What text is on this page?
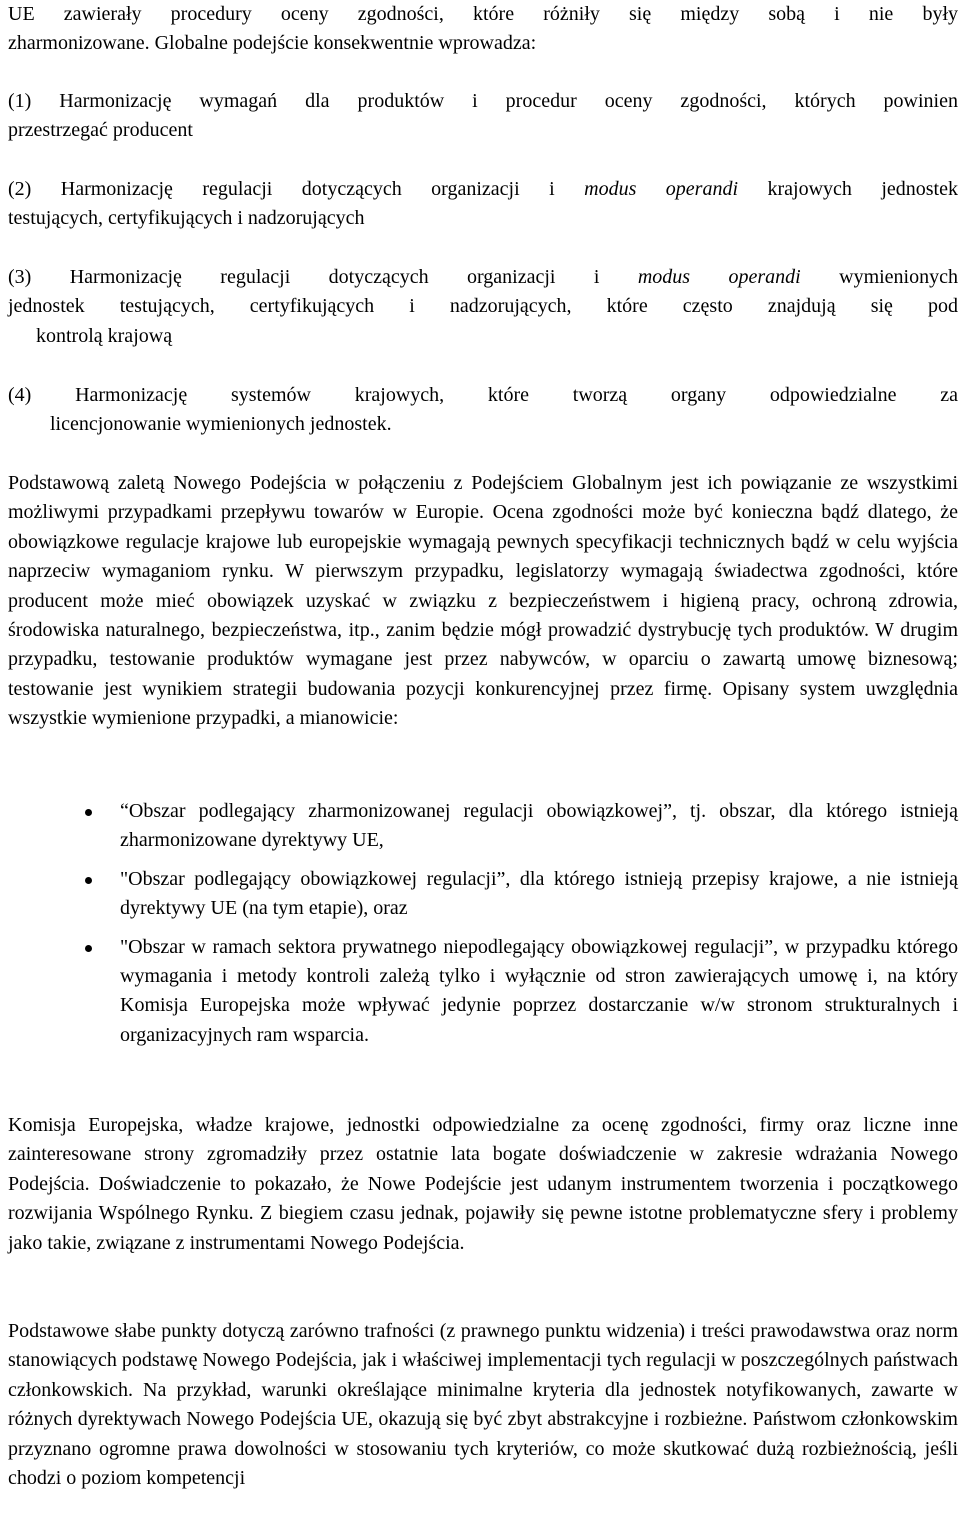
UE zawierały procedury oceny zgodności, które różniły się między sobą i nie były

zharmonizowane. Globalne podejście konsekwentnie wprowadza:

(1) Harmonizację wymagań dla produktów i procedur oceny zgodności, których powinien

przestrzegać producent

(2) Harmonizację regulacji dotyczących organizacji i modus operandi krajowych jednostek

testujących, certyfikujących i nadzorujących

(3) Harmonizację regulacji dotyczących organizacji i modus operandi wymienionych

jednostek testujących, certyfikujących i nadzorujących, które często znajdują się pod

kontrolą krajową

(4) Harmonizację systemów krajowych, które tworzą organy odpowiedzialne za

licencjonowanie wymienionych jednostek.

Podstawową zaletą Nowego Podejścia w połączeniu z Podejściem Globalnym jest ich powiązanie ze wszystkimi możliwymi przypadkami przepływu towarów w Europie. Ocena zgodności może być konieczna bądź dlatego, że obowiązkowe regulacje krajowe lub europejskie wymagają pewnych specyfikacji technicznych bądź w celu wyjścia naprzeciw wymaganiom rynku. W pierwszym przypadku, legislatorzy wymagają świadectwa zgodności, które producent może mieć obowiązek uzyskać w związku z bezpieczeństwem i higieną pracy, ochroną zdrowia, środowiska naturalnego, bezpieczeństwa, itp., zanim będzie mógł prowadzić dystrybucję tych produktów. W drugim przypadku, testowanie produktów wymagane jest przez nabywców, w oparciu o zawartą umowę biznesową; testowanie jest wynikiem strategii budowania pozycji konkurencyjnej przez firmę. Opisany system uwzględnia wszystkie wymienione przypadki, a mianowicie:

“Obszar podlegający zharmonizowanej regulacji obowiązkowej”, tj. obszar, dla którego istnieją zharmonizowane dyrektywy UE,
"Obszar podlegający obowiązkowej regulacji”, dla którego istnieją przepisy krajowe, a nie istnieją dyrektywy UE (na tym etapie), oraz
"Obszar w ramach sektora prywatnego niepodlegający obowiązkowej regulacji”, w przypadku którego wymagania i metody kontroli zależą tylko i wyłącznie od stron zawierających umowę i, na który Komisja Europejska może wpływać jedynie poprzez dostarczanie w/w stronom strukturalnych i organizacyjnych ram wsparcia.

Komisja Europejska, władze krajowe, jednostki odpowiedzialne za ocenę zgodności, firmy oraz liczne inne zainteresowane strony zgromadziły przez ostatnie lata bogate doświadczenie w zakresie wdrażania Nowego Podejścia. Doświadczenie to pokazało, że Nowe Podejście jest udanym instrumentem tworzenia i początkowego rozwijania Wspólnego Rynku. Z biegiem czasu jednak, pojawiły się pewne istotne problematyczne sfery i problemy jako takie, związane z instrumentami Nowego Podejścia.

Podstawowe słabe punkty dotyczą zarówno trafności (z prawnego punktu widzenia) i treści prawodawstwa oraz norm stanowiących podstawę Nowego Podejścia, jak i właściwej implementacji tych regulacji w poszczególnych państwach członkowskich. Na przykład, warunki określające minimalne kryteria dla jednostek notyfikowanych, zawarte w różnych dyrektywach Nowego Podejścia UE, okazują się być zbyt abstrakcyjne i rozbieżne. Państwom członkowskim przyznano ogromne prawa dowolności w stosowaniu tych kryteriów, co może skutkować dużą rozbieżnością, jeśli chodzi o poziom kompetencji
